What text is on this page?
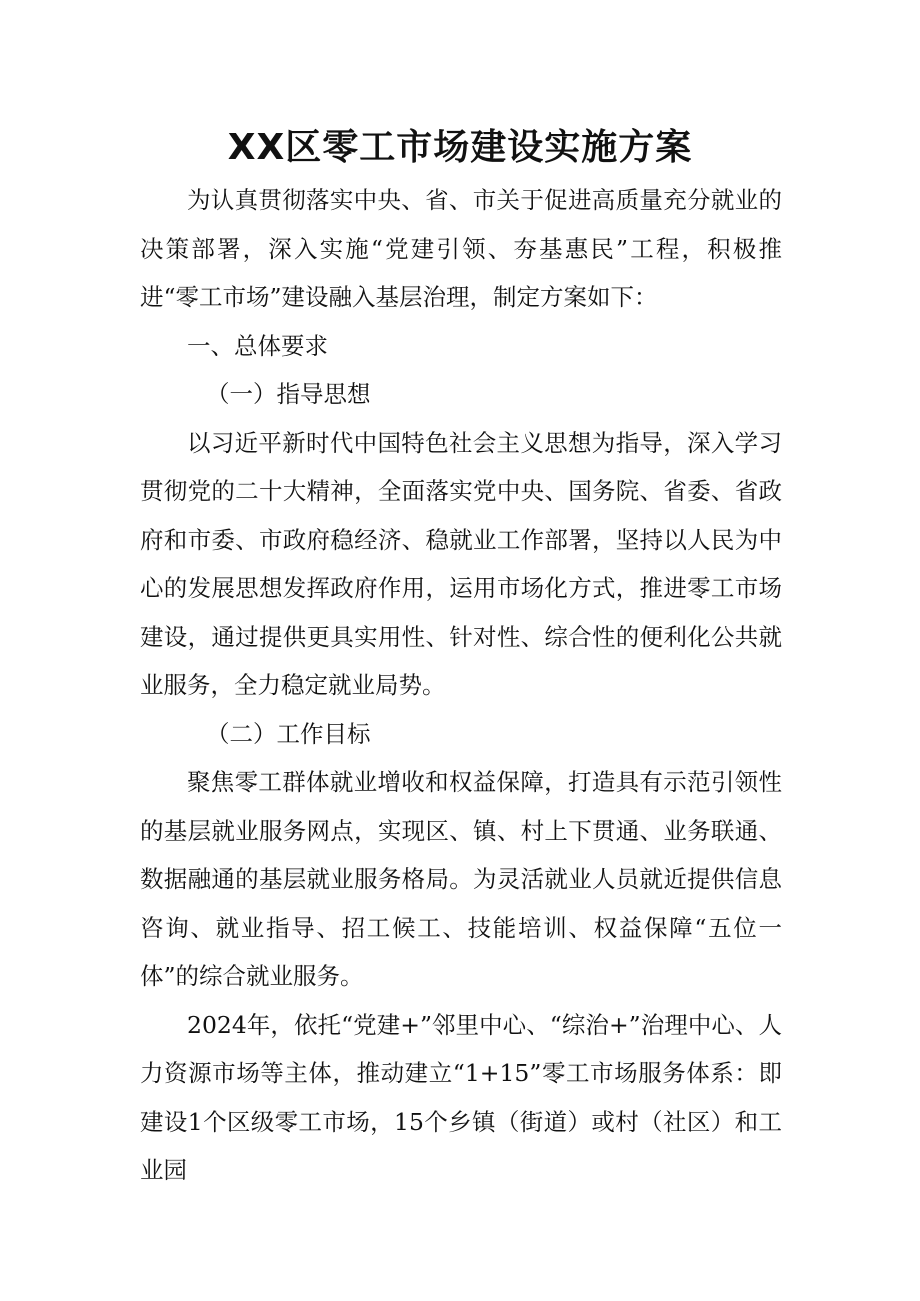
XX区零工市场建设实施方案

为认真贯彻落实中央、省、市关于促进高质量充分就业的决策部署，深入实施“党建引领、夯基惠民”工程，积极推进“零工市场”建设融入基层治理，制定方案如下：

一、总体要求

（一）指导思想

以习近平新时代中国特色社会主义思想为指导，深入学习贯彻党的二十大精神，全面落实党中央、国务院、省委、省政府和市委、市政府稳经济、稳就业工作部署，坚持以人民为中心的发展思想发挥政府作用，运用市场化方式，推进零工市场建设，通过提供更具实用性、针对性、综合性的便利化公共就业服务，全力稳定就业局势。

（二）工作目标

聚焦零工群体就业增收和权益保障，打造具有示范引领性的基层就业服务网点，实现区、镇、村上下贯通、业务联通、数据融通的基层就业服务格局。为灵活就业人员就近提供信息咨询、就业指导、招工候工、技能培训、权益保障“五位一体”的综合就业服务。

2024年，依托“党建+”邻里中心、“综治+”治理中心、人力资源市场等主体，推动建立“1+15”零工市场服务体系：即建设1个区级零工市场，15个乡镇（街道）或村（社区）和工业园
